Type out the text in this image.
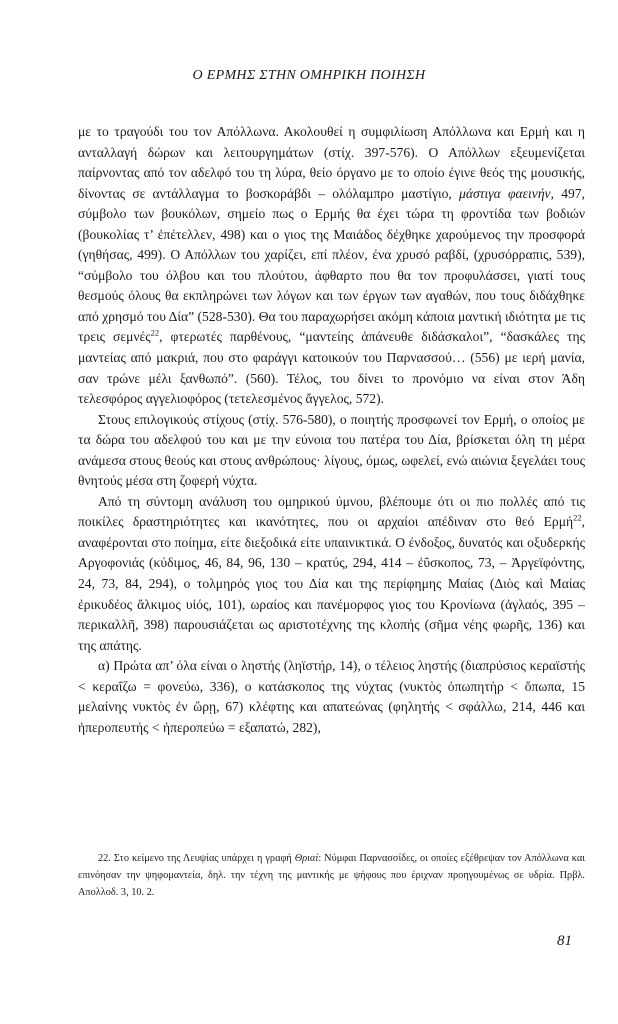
Ο ΕΡΜΗΣ ΣΤΗΝ ΟΜΗΡΙΚΗ ΠΟΙΗΣΗ

με το τραγούδι του τον Απόλλωνα. Ακολουθεί η συμφιλίωση Απόλλωνα και Ερμή και η ανταλλαγή δώρων και λειτουργημάτων (στίχ. 397-576). Ο Απόλλων εξευμενίζεται παίρνοντας από τον αδελφό του τη λύρα, θείο όργανο με το οποίο έγινε θεός της μουσικής, δίνοντας σε αντάλλαγμα το βοσκοράβδι – ολόλαμπρο μαστίγιο, μάστιγα φαεινήν, 497, σύμβολο των βουκόλων, σημείο πως ο Ερμής θα έχει τώρα τη φροντίδα των βοδιών (βουκολίας τ’ ἐπέτελλεν, 498) και ο γιος της Μαιάδος δέχθηκε χαρούμενος την προσφορά (γηθήσας, 499). Ο Απόλλων του χαρίζει, επί πλέον, ένα χρυσό ραβδί, (χρυσόρραπις, 539), “σύμβολο του όλβου και του πλούτου, άφθαρτο που θα τον προφυλάσσει, γιατί τους θεσμούς όλους θα εκπληρώνει των λόγων και των έργων των αγαθών, που τους διδάχθηκε από χρησμό του Δία” (528-530). Θα του παραχωρήσει ακόμη κάποια μαντική ιδιότητα με τις τρεις σεμνές$^{22}$, φτερωτές παρθένους, “μαντείης ἀπάνευθε διδάσκαλοι”, “δασκάλες της μαντείας από μακριά, που στο φαράγγι κατοικούν του Παρνασσού… (556) με ιερή μανία, σαν τρώνε μέλι ξανθωπό”. (560). Τέλος, του δίνει το προνόμιο να είναι στον Άδη τελεσφόρος αγγελιοφόρος (τετελεσμένος ἄγγελος, 572).

Στους επιλογικούς στίχους (στίχ. 576-580), ο ποιητής προσφωνεί τον Ερμή, ο οποίος με τα δώρα του αδελφού του και με την εύνοια του πατέρα του Δία, βρίσκεται όλη τη μέρα ανάμεσα στους θεούς και στους ανθρώπους· λίγους, όμως, ωφελεί, ενώ αιώνια ξεγελάει τους θνητούς μέσα στη ζοφερή νύχτα.

Από τη σύντομη ανάλυση του ομηρικού ύμνου, βλέπουμε ότι οι πιο πολλές από τις ποικίλες δραστηριότητες και ικανότητες, που οι αρχαίοι απέδιναν στο θεό Ερμή$^{22}$, αναφέρονται στο ποίημα, είτε διεξοδικά είτε υπαινικτικά. Ο ένδοξος, δυνατός και οξυδερκής Αργοφονιάς (κύδιμος, 46, 84, 96, 130 – κρατύς, 294, 414 – ἐΰσκοπος, 73, – Ἀργεϊφόντης, 24, 73, 84, 294), ο τολμηρός γιος του Δία και της περίφημης Μαίας (Διὸς καὶ Μαίας ἐρικυδέος ἄλκιμος υἱός, 101), ωραίος και πανέμορφος γιος του Κρονίωνα (ἀγλαός, 395 – περικαλλῆ, 398) παρουσιάζεται ως αριστοτέχνης της κλοπής (σῆμα νέης φωρῆς, 136) και της απάτης.

α) Πρώτα απ’ όλα είναι ο ληστής (ληϊστήρ, 14), ο τέλειος ληστής (διαπρύσιος κεραϊστής < κεραΐζω = φονεύω, 336), ο κατάσκοπος της νύχτας (νυκτὸς ὀπωπητὴρ < ὄπωπα, 15 μελαίνης νυκτὸς ἐν ὥρῃ, 67) κλέφτης και απατεώνας (φηλητής < σφάλλω, 214, 446 και ἠπεροπευτής < ἠπεροπεύω = εξαπατώ, 282),

22. Στο κείμενο της Λευψίας υπάρχει η γραφή Θριαί: Νύμφαι Παρνασσίδες, οι οποίες εξέθρεψαν τον Απόλλωνα και επινόησαν την ψηφομαντεία, δηλ. την τέχνη της μαντικής με ψήφους που έριχναν προηγουμένως σε υδρία. Πρβλ. Απολλοδ. 3, 10. 2.

81
